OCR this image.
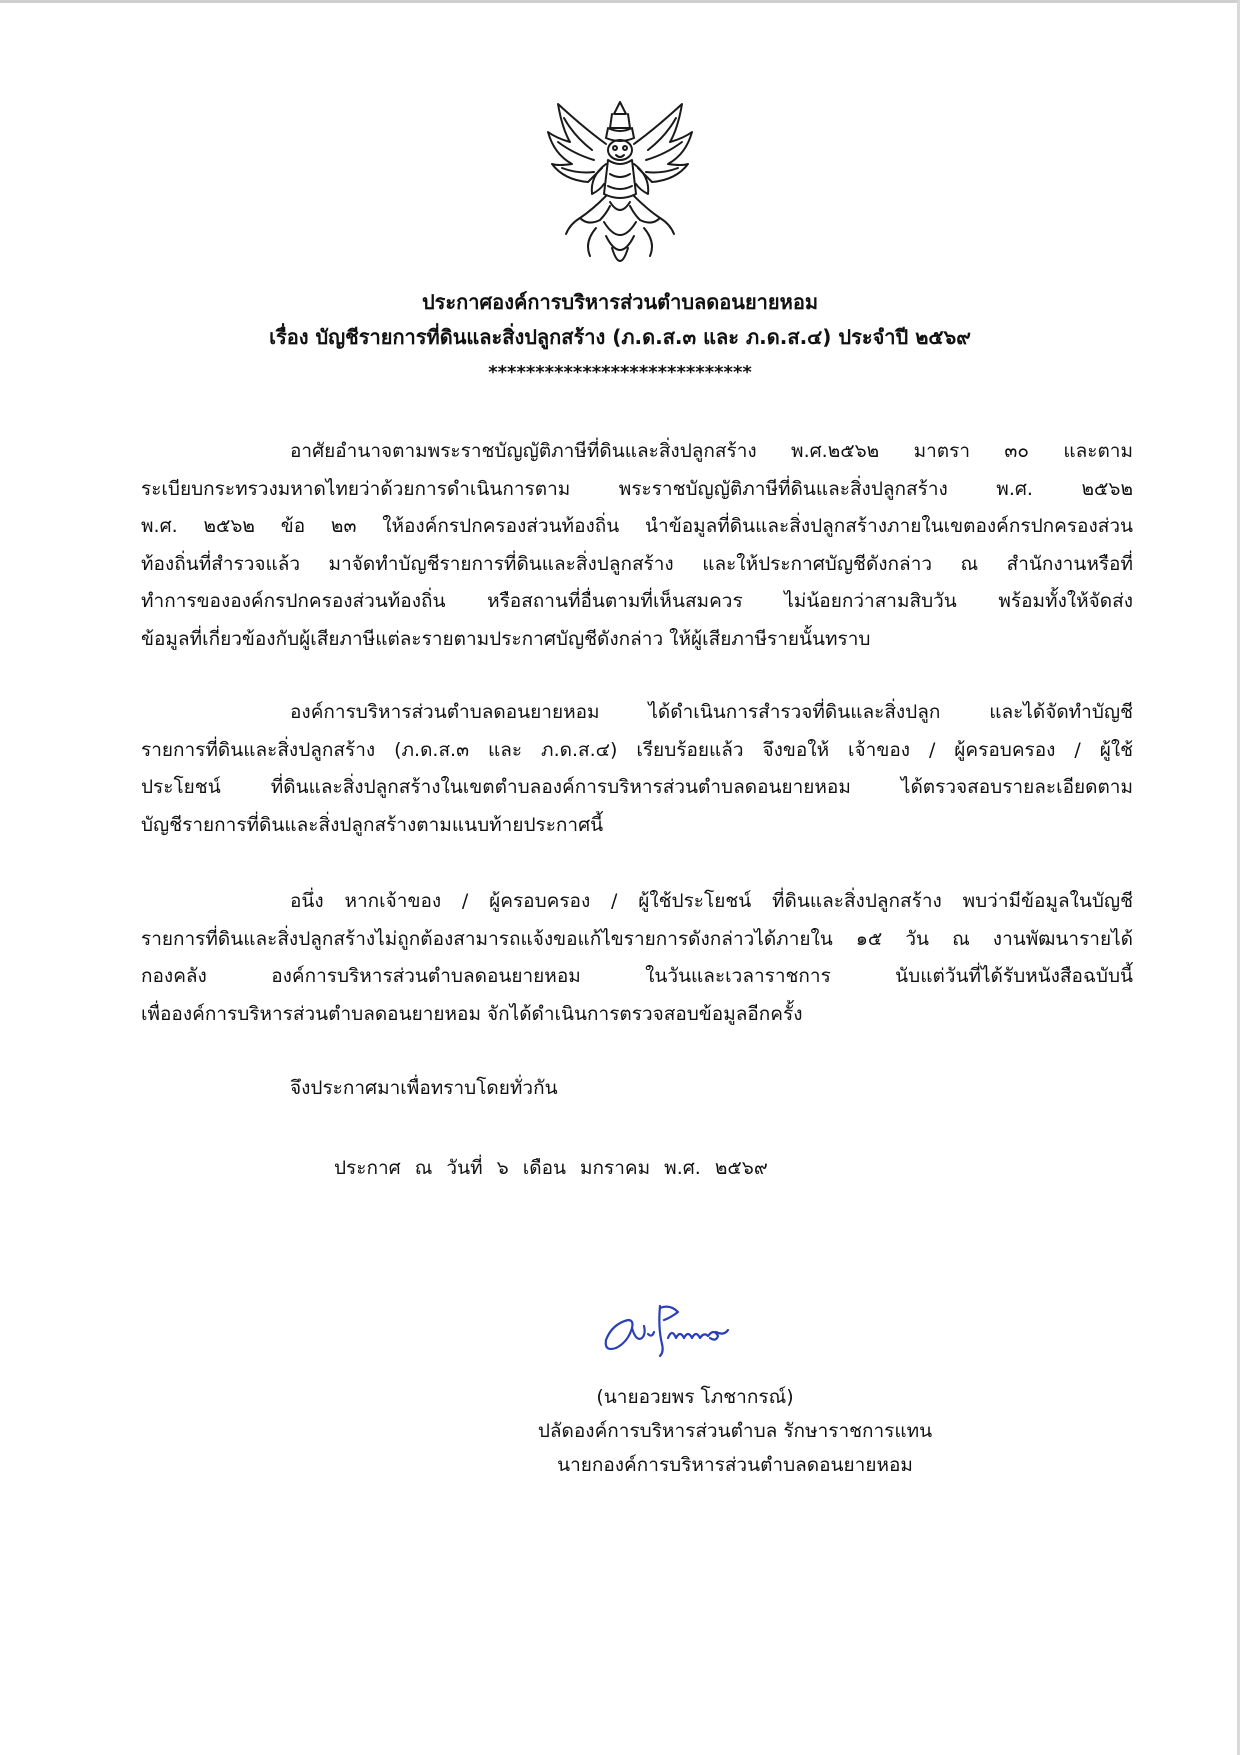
ประกาศองค์การบริหารส่วนตำบลดอนยายหอม
เรื่อง บัญชีรายการที่ดินและสิ่งปลูกสร้าง (ภ.ด.ส.๓ และ ภ.ด.ส.๔) ประจำปี ๒๕๖๙
****************************
อาศัยอำนาจตามพระราชบัญญัติภาษีที่ดินและสิ่งปลูกสร้าง พ.ศ.๒๕๖๒ มาตรา ๓๐ และตาม
ระเบียบกระทรวงมหาดไทยว่าด้วยการดำเนินการตาม พระราชบัญญัติภาษีที่ดินและสิ่งปลูกสร้าง พ.ศ. ๒๕๖๒
พ.ศ. ๒๕๖๒ ข้อ ๒๓ ให้องค์กรปกครองส่วนท้องถิ่น นำข้อมูลที่ดินและสิ่งปลูกสร้างภายในเขตองค์กรปกครองส่วน
ท้องถิ่นที่สำรวจแล้ว มาจัดทำบัญชีรายการที่ดินและสิ่งปลูกสร้าง และให้ประกาศบัญชีดังกล่าว ณ สำนักงานหรือที่
ทำการขององค์กรปกครองส่วนท้องถิ่น หรือสถานที่อื่นตามที่เห็นสมควร ไม่น้อยกว่าสามสิบวัน พร้อมทั้งให้จัดส่ง
ข้อมูลที่เกี่ยวข้องกับผู้เสียภาษีแต่ละรายตามประกาศบัญชีดังกล่าว ให้ผู้เสียภาษีรายนั้นทราบ
องค์การบริหารส่วนตำบลดอนยายหอม ได้ดำเนินการสำรวจที่ดินและสิ่งปลูก และได้จัดทำบัญชี
รายการที่ดินและสิ่งปลูกสร้าง (ภ.ด.ส.๓ และ ภ.ด.ส.๔) เรียบร้อยแล้ว จึงขอให้ เจ้าของ / ผู้ครอบครอง / ผู้ใช้
ประโยชน์ ที่ดินและสิ่งปลูกสร้างในเขตตำบลองค์การบริหารส่วนตำบลดอนยายหอม ได้ตรวจสอบรายละเอียดตาม
บัญชีรายการที่ดินและสิ่งปลูกสร้างตามแนบท้ายประกาศนี้
อนึ่ง หากเจ้าของ / ผู้ครอบครอง / ผู้ใช้ประโยชน์ ที่ดินและสิ่งปลูกสร้าง พบว่ามีข้อมูลในบัญชี
รายการที่ดินและสิ่งปลูกสร้างไม่ถูกต้องสามารถแจ้งขอแก้ไขรายการดังกล่าวได้ภายใน ๑๕ วัน ณ งานพัฒนารายได้
กองคลัง องค์การบริหารส่วนตำบลดอนยายหอม ในวันและเวลาราชการ นับแต่วันที่ได้รับหนังสือฉบับนี้
เพื่อองค์การบริหารส่วนตำบลดอนยายหอม จักได้ดำเนินการตรวจสอบข้อมูลอีกครั้ง
จึงประกาศมาเพื่อทราบโดยทั่วกัน
ประกาศ ณ วันที่ ๖ เดือน มกราคม พ.ศ. ๒๕๖๙
(นายอวยพร โภชากรณ์)
ปลัดองค์การบริหารส่วนตำบล รักษาราชการแทน
นายกองค์การบริหารส่วนตำบลดอนยายหอม
